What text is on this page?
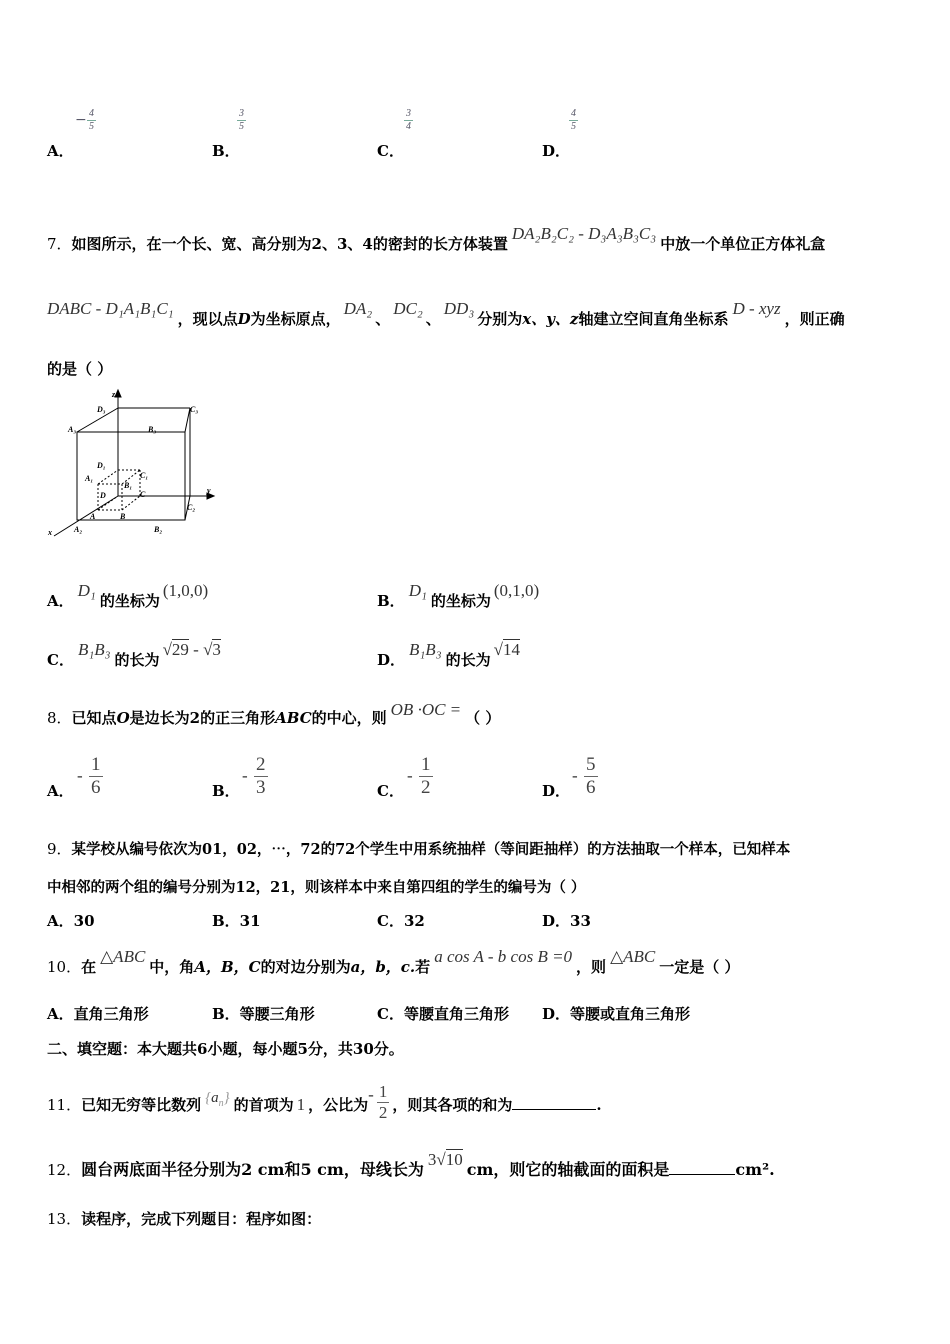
A．
− $\frac{4}{5}$
B．
$\frac{3}{5}$
C．
$\frac{3}{4}$
D．
$\frac{4}{5}$
7．如图所示，在一个长、宽、高分别为2、3、4的密封的长方体装置DA₂B₂C₂ - D₃A₃B₃C₃中放一个单位正方体礼盒
DABC - D₁A₁B₁C₁，现以点D为坐标原点，DA₂、DC₂、DD₃分别为x、y、z轴建立空间直角坐标系D - xyz，则正确
的是（ ）
z
y
x
D₃	C₃
A₃	B₃
D₁
C₁
A₁
B₁
D	C
A	B
C₂
A₂	B₂
A．D₁的坐标为(1,0,0)
B．D₁的坐标为(0,1,0)
C．B₁B₃的长为√29 - √3
D．B₁B₃的长为√14
8．已知点O是边长为2的正三角形ABC的中心，则 OB ·OC = （ ）
A．
- $\frac{1}{6}$	B．
- $\frac{2}{3}$	C．
- $\frac{1}{2}$	D．
- $\frac{5}{6}$
9．某学校从编号依次为01，02，⋯，72的72个学生中用系统抽样（等间距抽样）的方法抽取一个样本，已知样本
中相邻的两个组的编号分别为12，21，则该样本中来自第四组的学生的编号为（ ）
A．30	B．31	C．32	D．33
10．在△ABC中，角A，B，C的对边分别为a，b，c.若a cos A - b cos B =0，则△ABC一定是（ ）
A．直角三角形	B．等腰三角形	C．等腰直角三角形 D．等腰或直角三角形
二、填空题：本大题共6小题，每小题5分，共30分。
11．已知无穷等比数列 $\{a_n\}$ 的首项为 1 ，公比为- $\frac{1}{2}$ ，则其各项的和为	.
12．圆台两底面半径分别为2 cm和5 cm，母线长为3√10cm，则它的轴截面的面积是	cm².
13．读程序，完成下列题目：程序如图：
